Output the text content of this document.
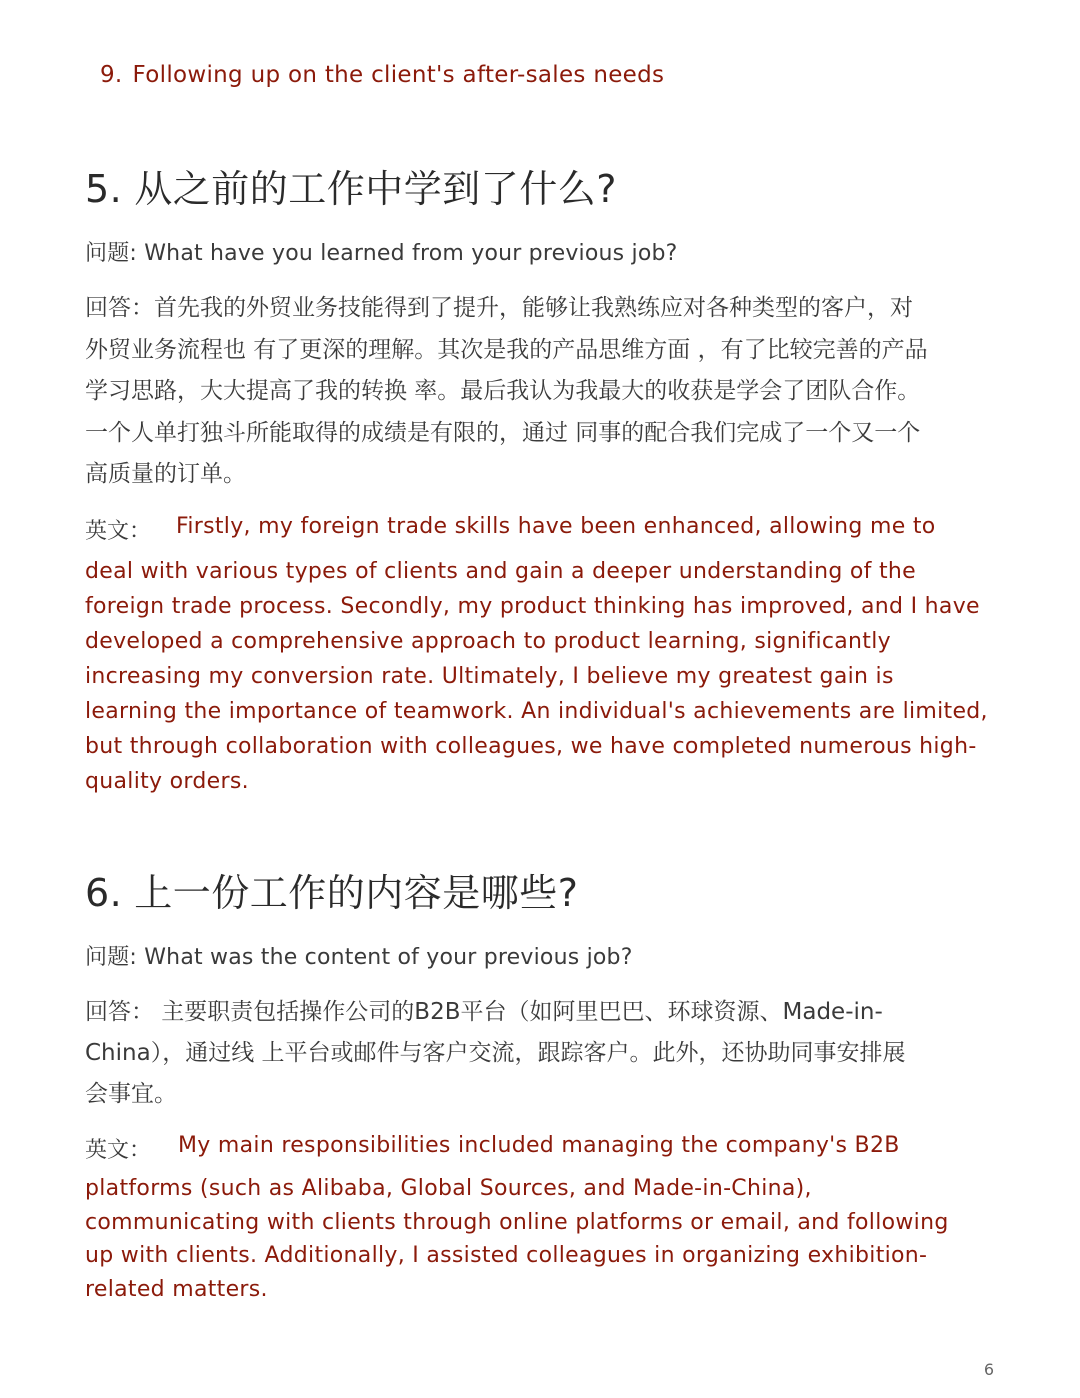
9. Following up on the client's after-sales needs
5. 从之前的工作中学到了什么?
问题: What have you learned from your previous job?
回答：首先我的外贸业务技能得到了提升，能够让我熟练应对各种类型的客户，对
外贸业务流程也 有了更深的理解。其次是我的产品思维方面 ，有了比较完善的产品
学习思路，大大提高了我的转换 率。最后我认为我最大的收获是学会了团队合作。
一个人单打独斗所能取得的成绩是有限的，通过 同事的配合我们完成了一个又一个
高质量的订单。
英文： Firstly, my foreign trade skills have been enhanced, allowing me to
deal with various types of clients and gain a deeper understanding of the
foreign trade process. Secondly, my product thinking has improved, and I have
developed a comprehensive approach to product learning, significantly
increasing my conversion rate. Ultimately, I believe my greatest gain is
learning the importance of teamwork. An individual's achievements are limited,
but through collaboration with colleagues, we have completed numerous high-
quality orders.
6. 上一份工作的内容是哪些?
问题: What was the content of your previous job?
回答： 主要职责包括操作公司的B2B平台（如阿里巴巴、环球资源、Made-in-
China），通过线 上平台或邮件与客户交流，跟踪客户。此外，还协助同事安排展
会事宜。
英文： My main responsibilities included managing the company's B2B
platforms (such as Alibaba, Global Sources, and Made-in-China),
communicating with clients through online platforms or email, and following
up with clients. Additionally, I assisted colleagues in organizing exhibition-
related matters.
6
